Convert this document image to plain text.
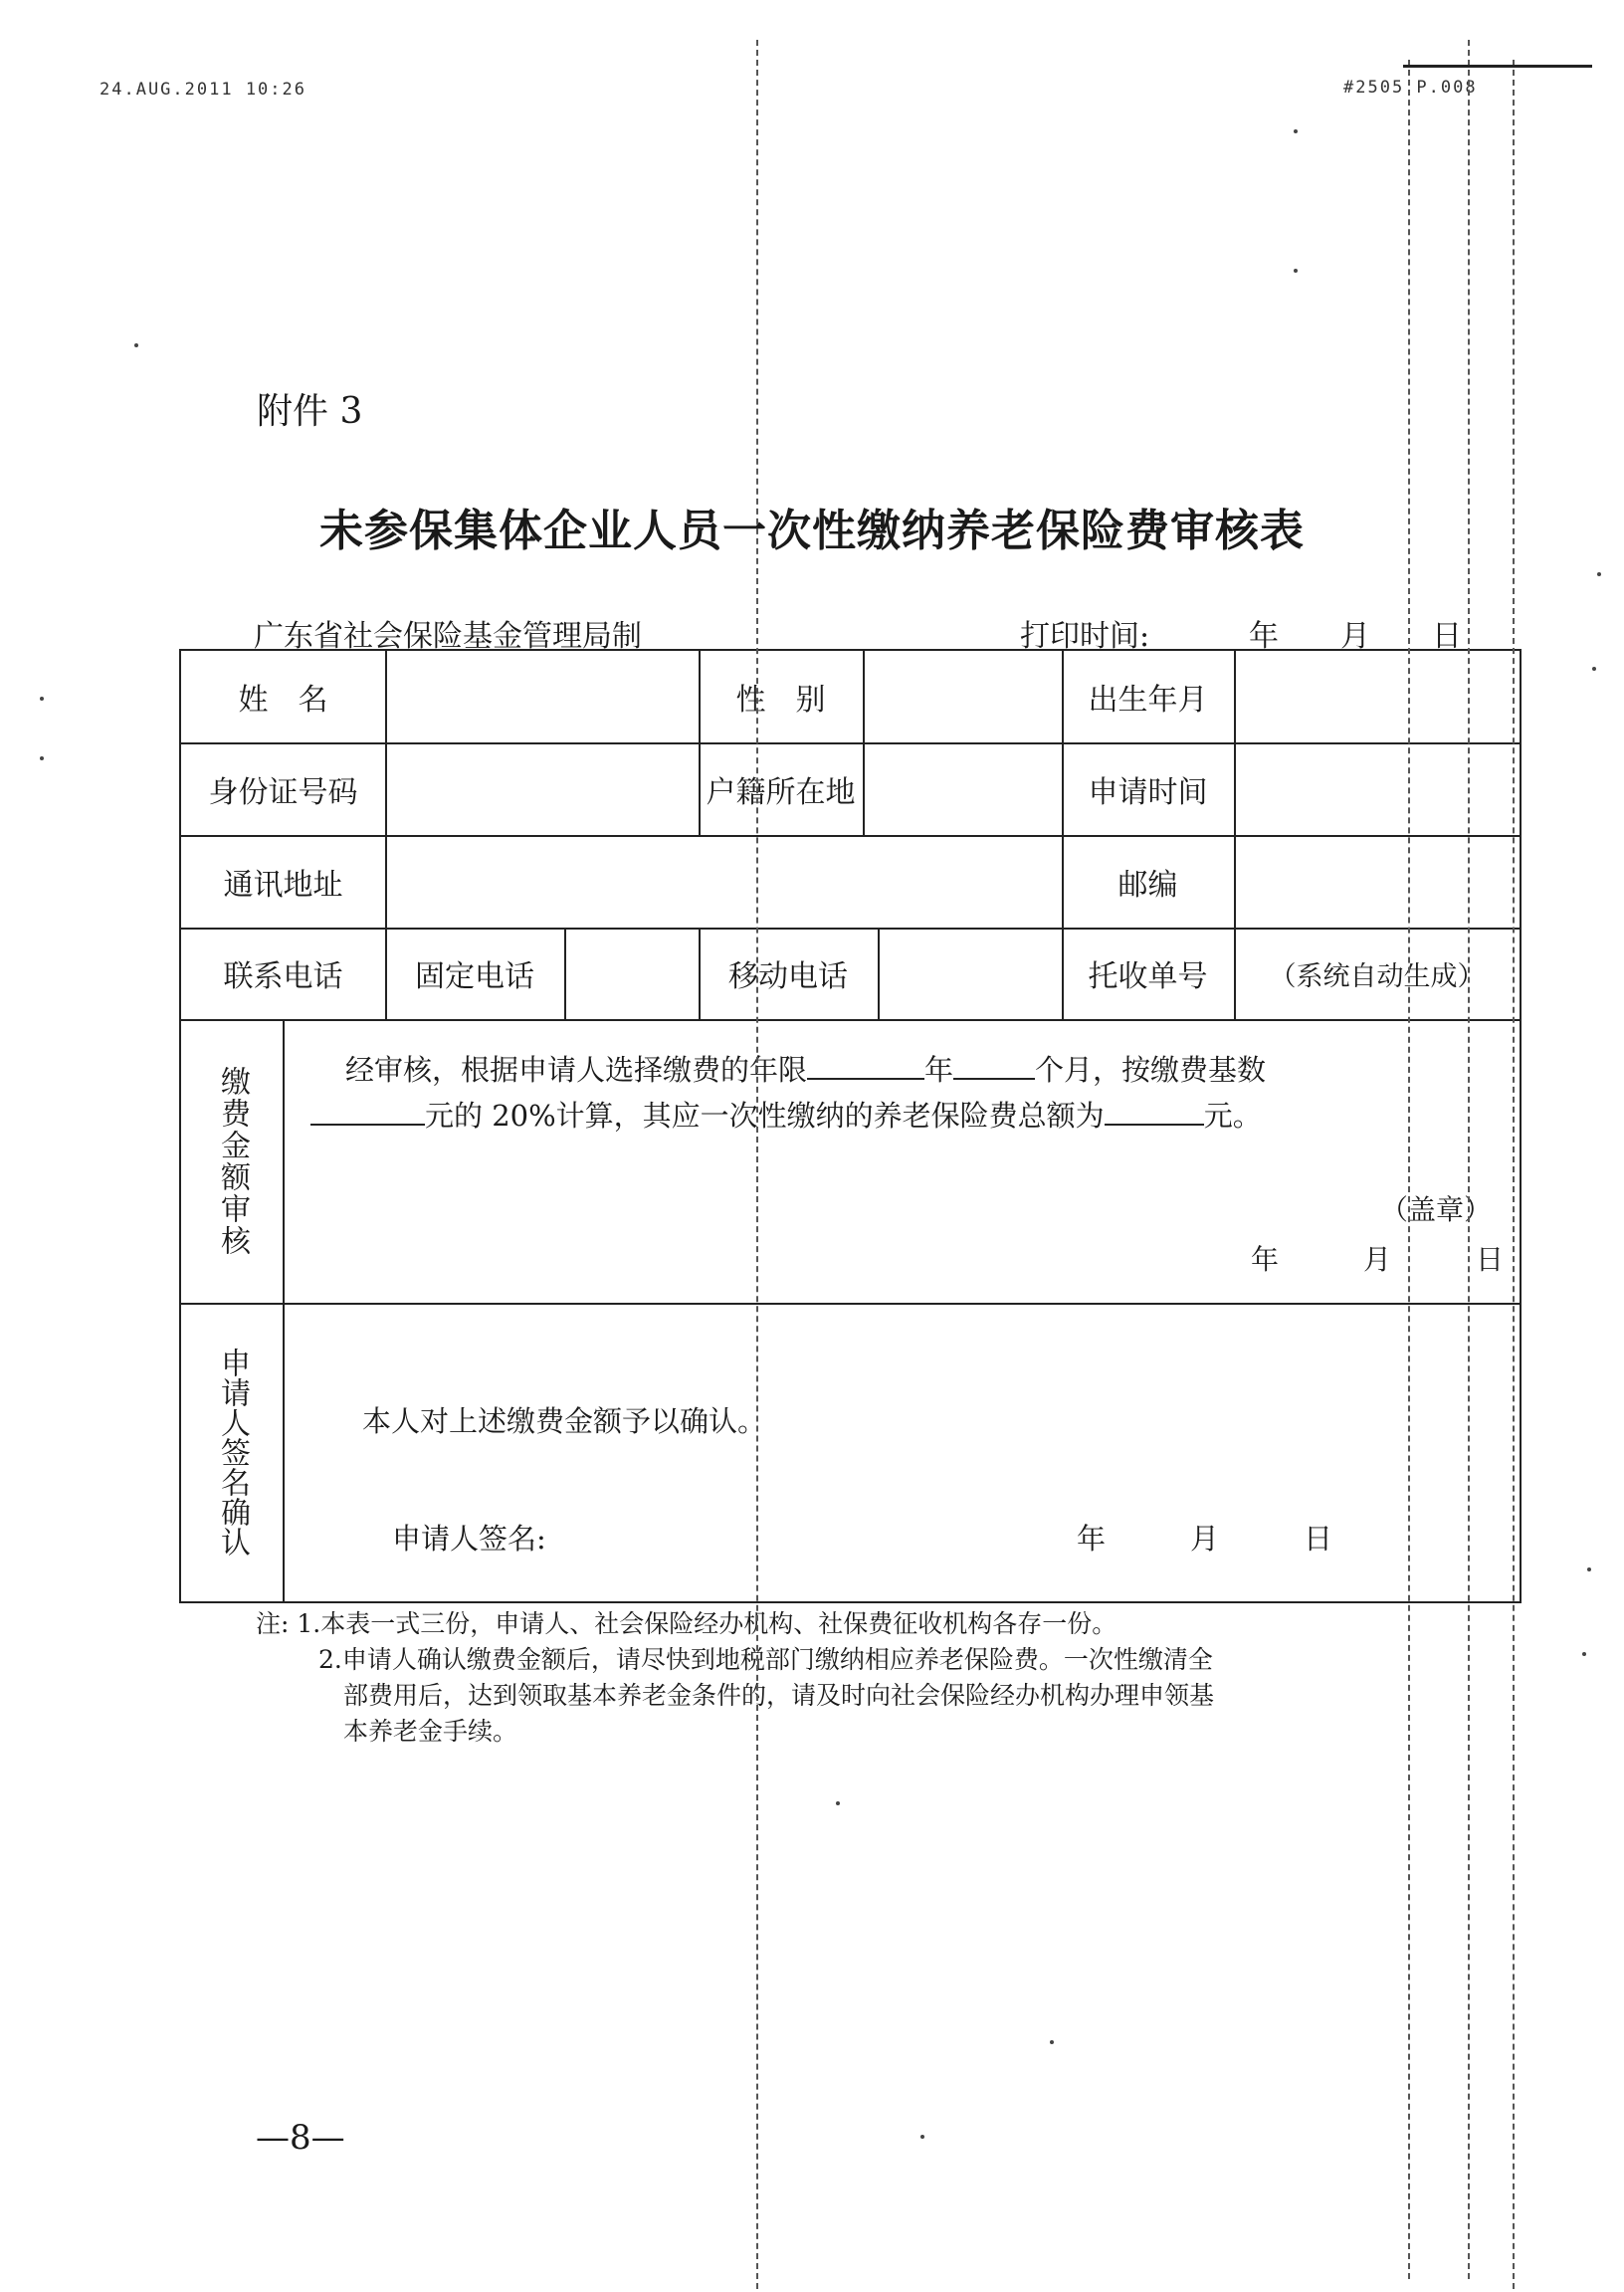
24.AUG.2011 10:26	#2505 P.008
附件 3
未参保集体企业人员一次性缴纳养老保险费审核表
广东省社会保险基金管理局制	打印时间:	年 月 日
姓　名	性　别	出生年月
身份证号码	户籍所在地	申请时间
通讯地址	邮编
联系电话	固定电话	移动电话	托收单号	（系统自动生成）
缴费金额审核	经审核，根据申请人选择缴费的年限	年	个月，按缴费基数
元的 20%计算，其应一次性缴纳的养老保险费总额为	元。
（盖章）
年	月	日
申请人签名确认	本人对上述缴费金额予以确认。
申请人签名:	年	月	日
注: 1.本表一式三份，申请人、社会保险经办机构、社保费征收机构各存一份。
2.申请人确认缴费金额后，请尽快到地税部门缴纳相应养老保险费。一次性缴清全
部费用后，达到领取基本养老金条件的，请及时向社会保险经办机构办理申领基
本养老金手续。
—8—
